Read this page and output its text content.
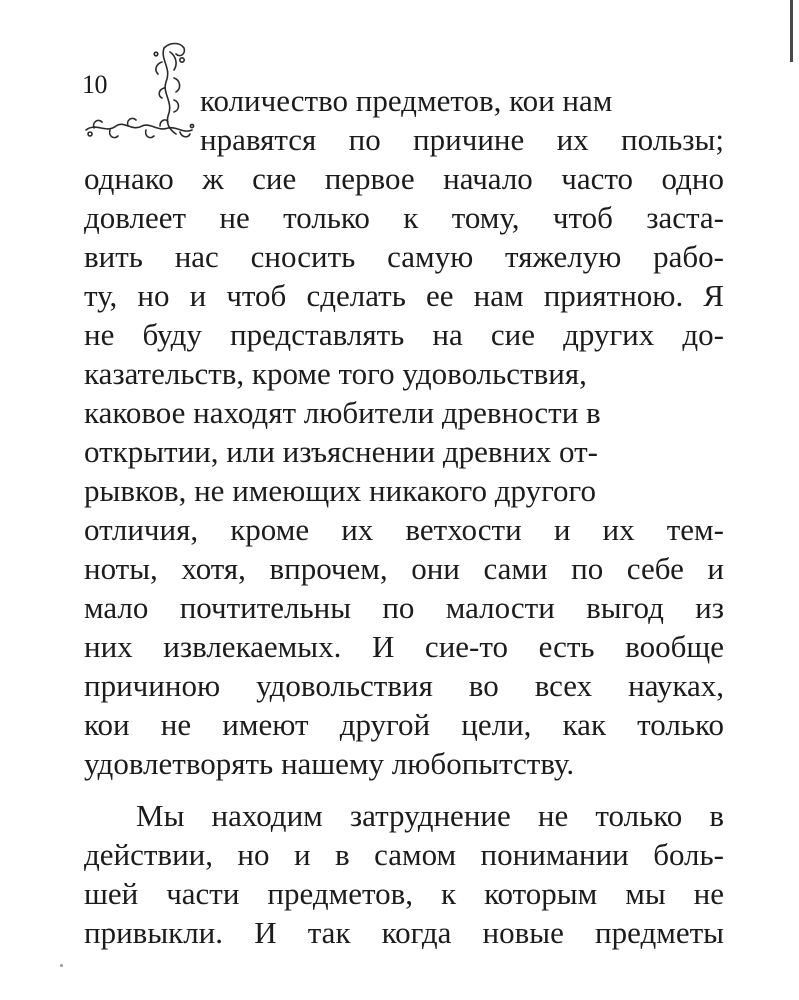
10	количество предметов, кои нам
нравятся по причине их пользы;
однако ж сие первое начало часто одно
довлеет не только к тому, чтоб заста-
вить нас сносить самую тяжелую рабо-
ту, но и чтоб сделать ее нам приятною. Я
не буду представлять на сие других до-
казательств, кроме того удовольствия,
каковое находят любители древности в
открытии, или изъяснении древних от-
рывков, не имеющих никакого другого
отличия, кроме их ветхости и их тем-
ноты, хотя, впрочем, они сами по себе и
мало почтительны по малости выгод из
них извлекаемых. И сие-то есть вообще
причиною удовольствия во всех науках,
кои не имеют другой цели, как только
удовлетворять нашему любопытству.
Мы находим затруднение не только в
действии, но и в самом понимании боль-
шей части предметов, к которым мы не
привыкли. И так когда новые предметы
